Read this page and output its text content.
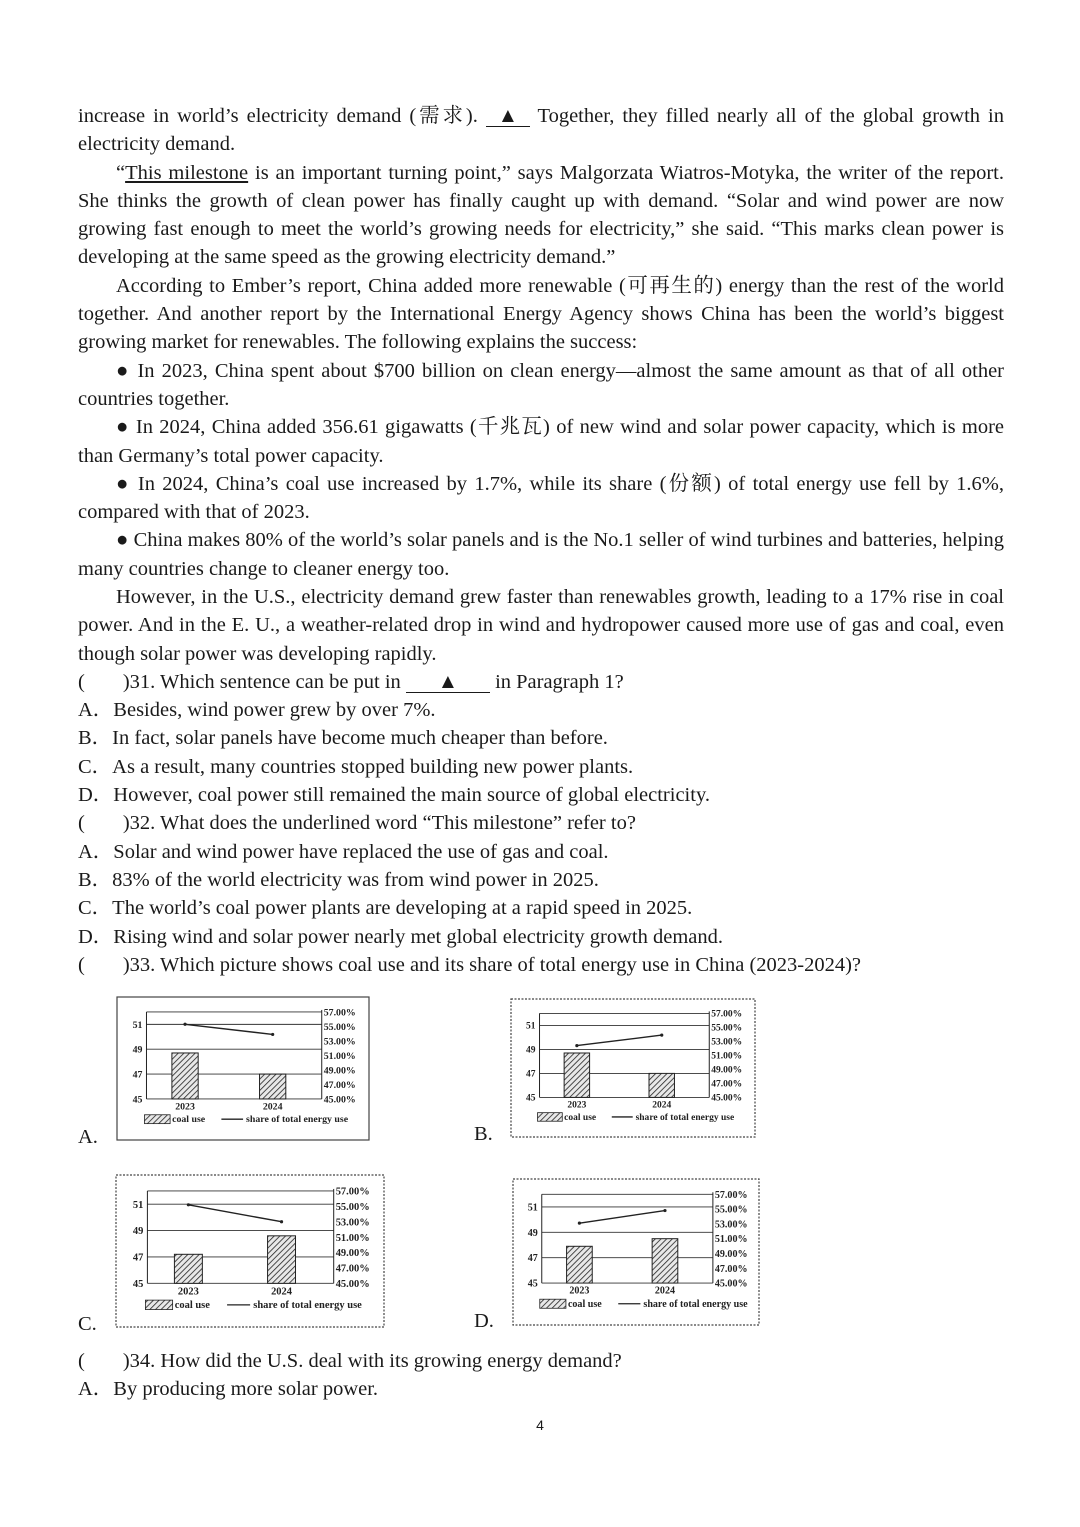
increase in world’s electricity demand (需求). ▲ Together, they filled nearly all of the global growth in electricity demand.

“This milestone is an important turning point,” says Malgorzata Wiatros-Motyka, the writer of the report. She thinks the growth of clean power has finally caught up with demand. “Solar and wind power are now growing fast enough to meet the world’s growing needs for electricity,” she said. “This marks clean power is developing at the same speed as the growing electricity demand.”

According to Ember’s report, China added more renewable (可再生的) energy than the rest of the world together. And another report by the International Energy Agency shows China has been the world’s biggest growing market for renewables. The following explains the success:

● In 2023, China spent about $700 billion on clean energy—almost the same amount as that of all other countries together.

● In 2024, China added 356.61 gigawatts (千兆瓦) of new wind and solar power capacity, which is more than Germany’s total power capacity.

● In 2024, China’s coal use increased by 1.7%, while its share (份额) of total energy use fell by 1.6%, compared with that of 2023.

● China makes 80% of the world’s solar panels and is the No.1 seller of wind turbines and batteries, helping many countries change to cleaner energy too.

However, in the U.S., electricity demand grew faster than renewables growth, leading to a 17% rise in coal power. And in the E. U., a weather-related drop in wind and hydropower caused more use of gas and coal, even though solar power was developing rapidly.

( )31. Which sentence can be put in ▲ in Paragraph 1?
A．Besides, wind power grew by over 7%.
B．In fact, solar panels have become much cheaper than before.
C．As a result, many countries stopped building new power plants.
D．However, coal power still remained the main source of global electricity.
( )32. What does the underlined word “This milestone” refer to?
A．Solar and wind power have replaced the use of gas and coal.
B．83% of the world electricity was from wind power in 2025.
C．The world’s coal power plants are developing at a rapid speed in 2025.
D．Rising wind and solar power nearly met global electricity growth demand.
( )33. Which picture shows coal use and its share of total energy use in China (2023-2024)?
A.	B.
C.	D.
45
47
49
51
45.00%
47.00%
49.00%
51.00%
53.00%
55.00%
57.00%
2023	2024
coal use	share of total energy use
45
47
49
51
45.00%
47.00%
49.00%
51.00%
53.00%
55.00%
57.00%
2023	2024
coal use	share of total energy use
45
47
49
51
45.00%
47.00%
49.00%
51.00%
53.00%
55.00%
57.00%
2023	2024
coal use	share of total energy use
45
47
49
51
45.00%
47.00%
49.00%
51.00%
53.00%
55.00%
57.00%
2023	2024
coal use	share of total energy use
( )34. How did the U.S. deal with its growing energy demand?
A．By producing more solar power.
4
